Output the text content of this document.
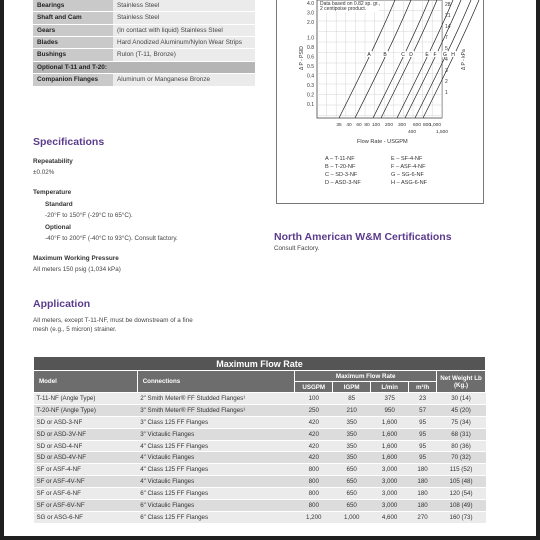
Bearings	Stainless Steel
Shaft and Cam	Stainless Steel
Gears	(In contact with liquid) Stainless Steel
Blades	Hard Anodized Aluminum/Nylon Wear Strips
Bushings	Rulon (T-11, Bronze)
Optional T-11 and T-20:	
Companion Flanges	Aluminum or Manganese Bronze
A	B	C D	E F G H
Data based on 0.82 sp. gr.,
2 centipoise product.
4.0
3.0
2.0
1.0
0.8
0.6
0.5
0.4
0.3
0.2
0.1
28
21
14
7
5
4
3
2
1
35 40 60 80 100 200 300 600 800
1,000
400	1,500
Δ P - PSID	Δ P - kPa
Flow Rate - USGPM
A – T-11-NF	E – SF-4-NF
B – T-20-NF	F – ASF-4-NF
C – SD-3-NF	G – SG-6-NF
D – ASD-3-NF	H – ASG-6-NF
Specifications
Repeatability
±0.02%
Temperature
Standard
-20°F to 150°F (-29°C to 65°C).
Optional
-40°F to 200°F (-40°C to 93°C). Consult factory.
Maximum Working Pressure
All meters 150 psig (1,034 kPa)
North American W&M Certifications
Consult Factory.
Application
All meters, except T-11-NF, must be downstream of a fine
mesh (e.g., 5 micron) strainer.
Maximum Flow Rate						
Model	Connections	Maximum Flow Rate				Net Weight Lb (Kg.)
		USGPM	IGPM	L/min	m³/h	
T-11-NF (Angle Type)	2" Smith Meter® FF Studded Flanges¹	100	85	375	23	30 (14)
T-20-NF (Angle Type)	3" Smith Meter® FF Studded Flanges¹	250	210	950	57	45 (20)
SD or ASD-3-NF	3" Class 125 FF Flanges	420	350	1,600	95	75 (34)
SD or ASD-3V-NF	3" Victaulic Flanges	420	350	1,600	95	68 (31)
SD or ASD-4-NF	4" Class 125 FF Flanges	420	350	1,600	95	80 (36)
SD or ASD-4V-NF	4" Victaulic Flanges	420	350	1,600	95	70 (32)
SF or ASF-4-NF	4" Class 125 FF Flanges	800	650	3,000	180	115 (52)
SF or ASF-4V-NF	4" Victaulic Flanges	800	650	3,000	180	105 (48)
SF or ASF-6-NF	6" Class 125 FF Flanges	800	650	3,000	180	120 (54)
SF or ASF-6V-NF	6" Victaulic Flanges	800	650	3,000	180	108 (49)
SG or ASG-6-NF	6" Class 125 FF Flanges	1,200	1,000	4,600	270	160 (73)
